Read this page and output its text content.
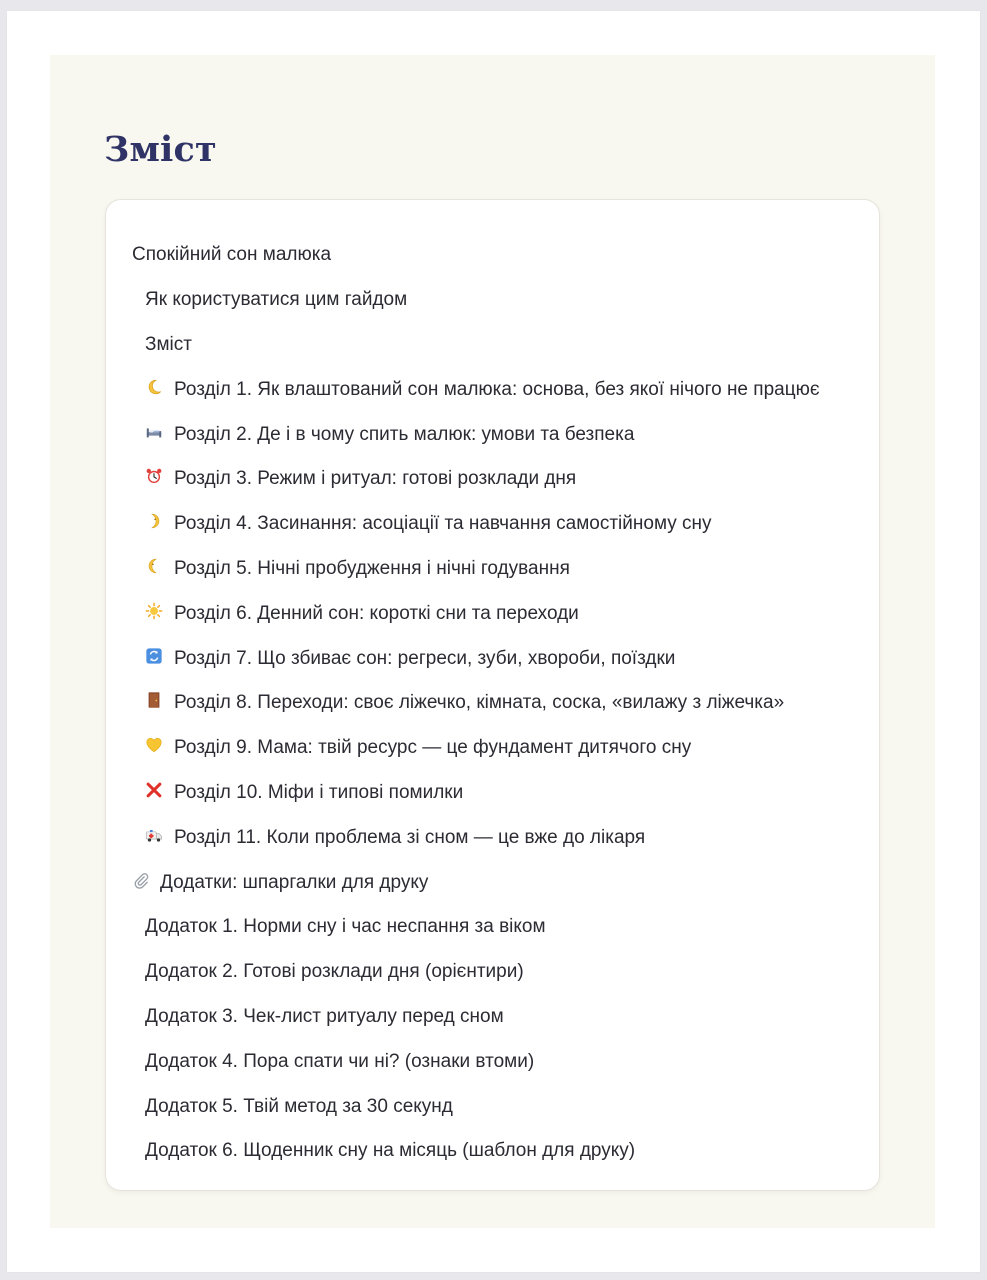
Зміст
Спокійний сон малюка
Як користуватися цим гайдом
Зміст
Розділ 1. Як влаштований сон малюка: основа, без якої нічого не працює
Розділ 2. Де і в чому спить малюк: умови та безпека
Розділ 3. Режим і ритуал: готові розклади дня
Розділ 4. Засинання: асоціації та навчання самостійному сну
Розділ 5. Нічні пробудження і нічні годування
Розділ 6. Денний сон: короткі сни та переходи
Розділ 7. Що збиває сон: регреси, зуби, хвороби, поїздки
Розділ 8. Переходи: своє ліжечко, кімната, соска, «вилажу з ліжечка»
Розділ 9. Мама: твій ресурс — це фундамент дитячого сну
Розділ 10. Міфи і типові помилки
Розділ 11. Коли проблема зі сном — це вже до лікаря
Додатки: шпаргалки для друку
Додаток 1. Норми сну і час неспання за віком
Додаток 2. Готові розклади дня (орієнтири)
Додаток 3. Чек-лист ритуалу перед сном
Додаток 4. Пора спати чи ні? (ознаки втоми)
Додаток 5. Твій метод за 30 секунд
Додаток 6. Щоденник сну на місяць (шаблон для друку)
